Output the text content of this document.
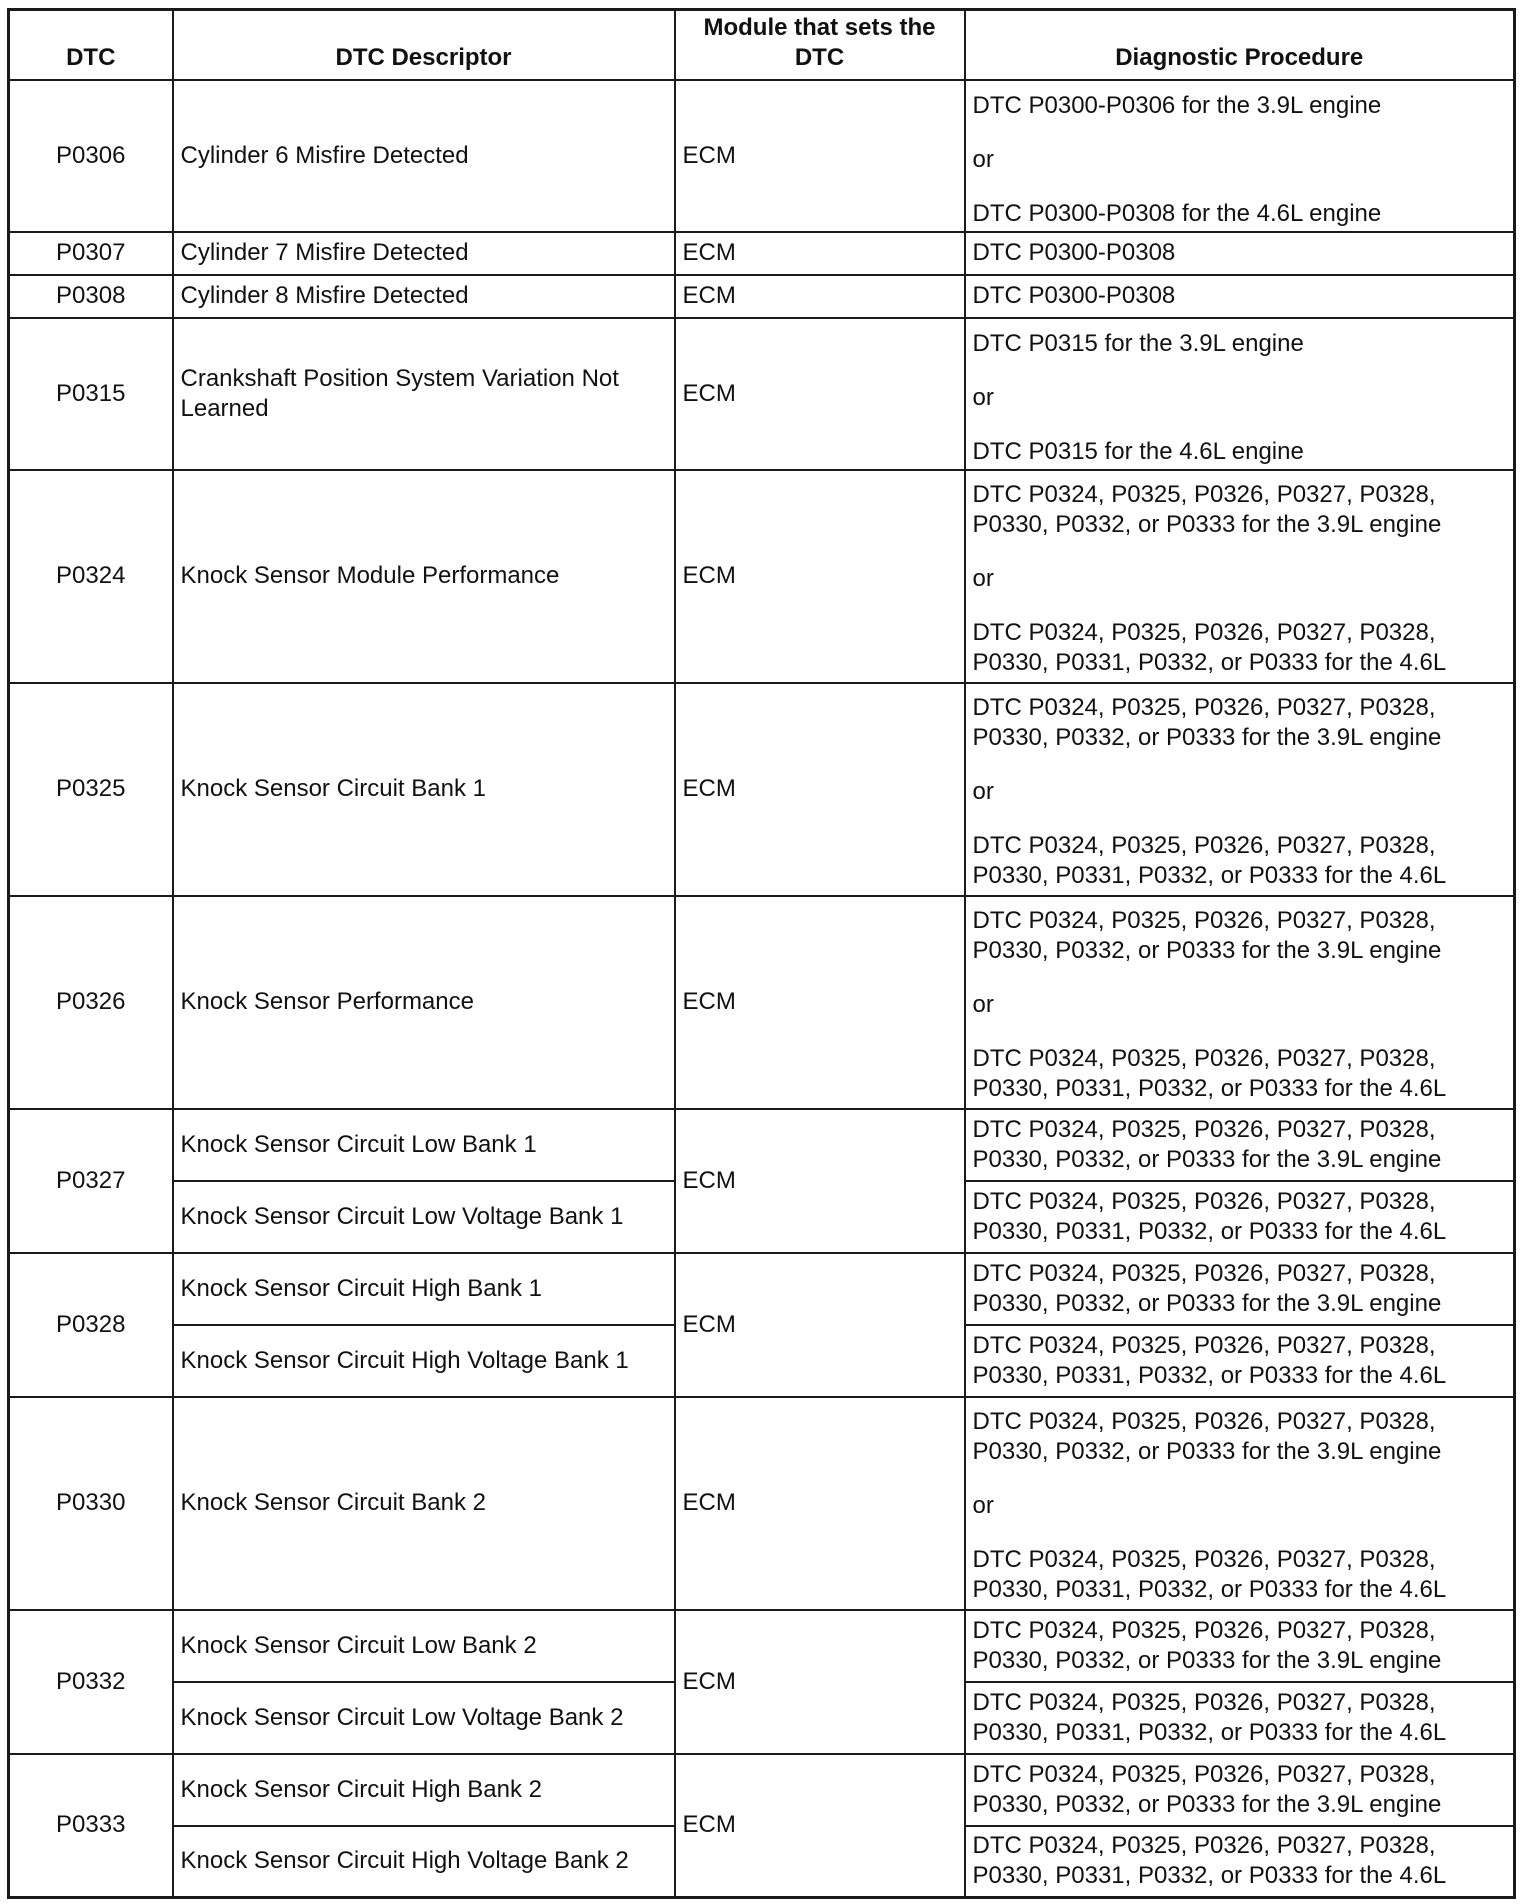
DTC	DTC Descriptor	Module that sets the DTC	Diagnostic Procedure
P0306	Cylinder 6 Misfire Detected	ECM	DTC P0300-P0306 for the 3.9L engine
or
DTC P0300-P0308 for the 4.6L engine

P0307	Cylinder 7 Misfire Detected	ECM	DTC P0300-P0308
P0308	Cylinder 8 Misfire Detected	ECM	DTC P0300-P0308
P0315	Crankshaft Position System Variation Not Learned	ECM	DTC P0315 for the 3.9L engine
or
DTC P0315 for the 4.6L engine

P0324	Knock Sensor Module Performance	ECM	DTC P0324, P0325, P0326, P0327, P0328, P0330, P0332, or P0333 for the 3.9L engine
or
DTC P0324, P0325, P0326, P0327, P0328, P0330, P0331, P0332, or P0333 for the 4.6L

P0325	Knock Sensor Circuit Bank 1	ECM	DTC P0324, P0325, P0326, P0327, P0328, P0330, P0332, or P0333 for the 3.9L engine
or
DTC P0324, P0325, P0326, P0327, P0328, P0330, P0331, P0332, or P0333 for the 4.6L

P0326	Knock Sensor Performance	ECM	DTC P0324, P0325, P0326, P0327, P0328, P0330, P0332, or P0333 for the 3.9L engine
or
DTC P0324, P0325, P0326, P0327, P0328, P0330, P0331, P0332, or P0333 for the 4.6L

P0327	Knock Sensor Circuit Low Bank 1	ECM	DTC P0324, P0325, P0326, P0327, P0328, P0330, P0332, or P0333 for the 3.9L engine
	Knock Sensor Circuit Low Voltage Bank 1		DTC P0324, P0325, P0326, P0327, P0328, P0330, P0331, P0332, or P0333 for the 4.6L
P0328	Knock Sensor Circuit High Bank 1	ECM	DTC P0324, P0325, P0326, P0327, P0328, P0330, P0332, or P0333 for the 3.9L engine
	Knock Sensor Circuit High Voltage Bank 1		DTC P0324, P0325, P0326, P0327, P0328, P0330, P0331, P0332, or P0333 for the 4.6L
P0330	Knock Sensor Circuit Bank 2	ECM	DTC P0324, P0325, P0326, P0327, P0328, P0330, P0332, or P0333 for the 3.9L engine
or
DTC P0324, P0325, P0326, P0327, P0328, P0330, P0331, P0332, or P0333 for the 4.6L

P0332	Knock Sensor Circuit Low Bank 2	ECM	DTC P0324, P0325, P0326, P0327, P0328, P0330, P0332, or P0333 for the 3.9L engine
	Knock Sensor Circuit Low Voltage Bank 2		DTC P0324, P0325, P0326, P0327, P0328, P0330, P0331, P0332, or P0333 for the 4.6L
P0333	Knock Sensor Circuit High Bank 2	ECM	DTC P0324, P0325, P0326, P0327, P0328, P0330, P0332, or P0333 for the 3.9L engine
	Knock Sensor Circuit High Voltage Bank 2		DTC P0324, P0325, P0326, P0327, P0328, P0330, P0331, P0332, or P0333 for the 4.6L
